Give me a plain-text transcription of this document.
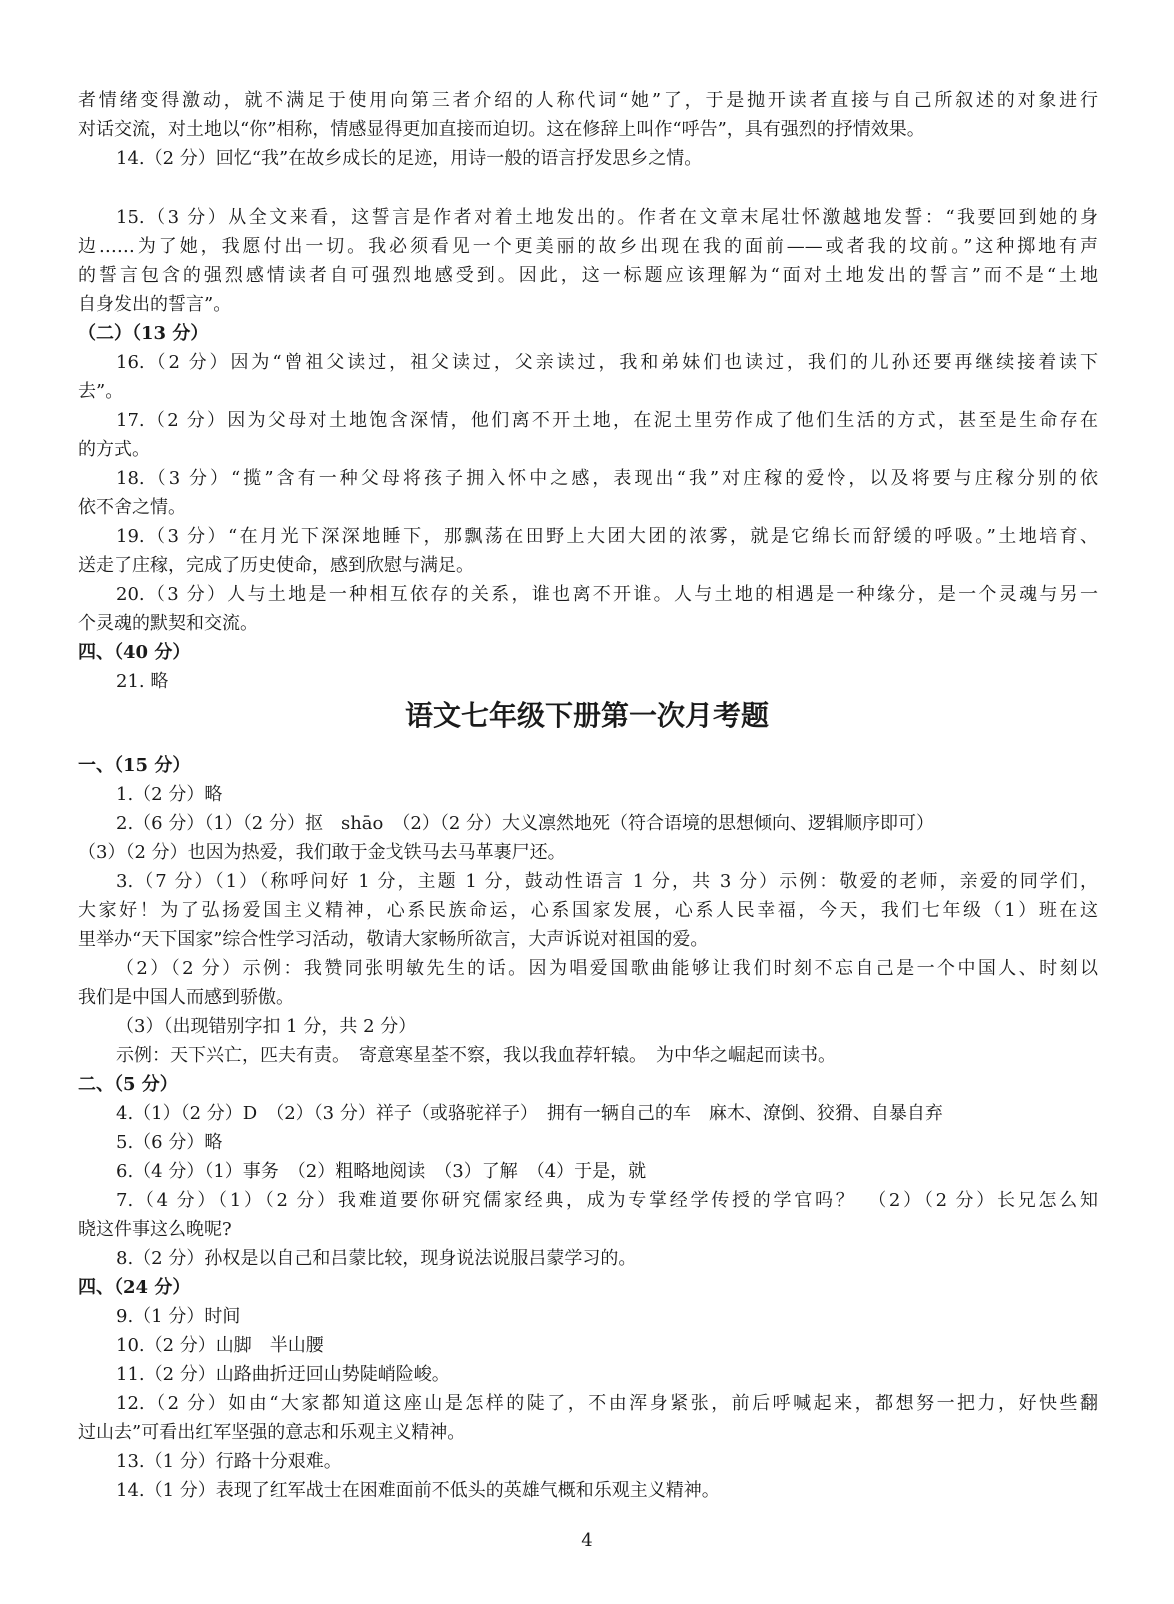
者情绪变得激动，就不满足于使用向第三者介绍的人称代词“她”了，于是抛开读者直接与自己所叙述的对象进行
对话交流，对土地以“你”相称，情感显得更加直接而迫切。这在修辞上叫作“呼告”，具有强烈的抒情效果。
14.（2 分）回忆“我”在故乡成长的足迹，用诗一般的语言抒发思乡之情。
15.（3 分）从全文来看，这誓言是作者对着土地发出的。作者在文章末尾壮怀激越地发誓：“我要回到她的身
边……为了她，我愿付出一切。我必须看见一个更美丽的故乡出现在我的面前——或者我的坟前。”这种掷地有声
的誓言包含的强烈感情读者自可强烈地感受到。因此，这一标题应该理解为“面对土地发出的誓言”而不是“土地
自身发出的誓言”。
（二）（13 分）
16.（2 分）因为“曾祖父读过，祖父读过，父亲读过，我和弟妹们也读过，我们的儿孙还要再继续接着读下
去”。
17.（2 分）因为父母对土地饱含深情，他们离不开土地，在泥土里劳作成了他们生活的方式，甚至是生命存在
的方式。
18.（3 分）“揽”含有一种父母将孩子拥入怀中之感，表现出“我”对庄稼的爱怜，以及将要与庄稼分别的依
依不舍之情。
19.（3 分）“在月光下深深地睡下，那飘荡在田野上大团大团的浓雾，就是它绵长而舒缓的呼吸。”土地培育、
送走了庄稼，完成了历史使命，感到欣慰与满足。
20.（3 分）人与土地是一种相互依存的关系，谁也离不开谁。人与土地的相遇是一种缘分，是一个灵魂与另一
个灵魂的默契和交流。
四、（40 分）
21. 略
语文七年级下册第一次月考题
一、（15 分）
1.（2 分）略
2.（6 分）（1）（2 分）抠　shāo　（2）（2 分）大义凛然地死（符合语境的思想倾向、逻辑顺序即可）
（3）（2 分）也因为热爱，我们敢于金戈铁马去马革裹尸还。
3.（7 分）（1）（称呼问好 1 分，主题 1 分，鼓动性语言 1 分，共 3 分）示例：敬爱的老师，亲爱的同学们，
大家好！为了弘扬爱国主义精神，心系民族命运，心系国家发展，心系人民幸福，今天，我们七年级（1）班在这
里举办“天下国家”综合性学习活动，敬请大家畅所欲言，大声诉说对祖国的爱。
（2）（2 分）示例：我赞同张明敏先生的话。因为唱爱国歌曲能够让我们时刻不忘自己是一个中国人、时刻以
我们是中国人而感到骄傲。
（3）（出现错别字扣 1 分，共 2 分）
示例：天下兴亡，匹夫有责。　寄意寒星荃不察，我以我血荐轩辕。　为中华之崛起而读书。
二、（5 分）
4.（1）（2 分）D　（2）（3 分）祥子（或骆驼祥子）　拥有一辆自己的车　麻木、潦倒、狡猾、自暴自弃
5.（6 分）略
6.（4 分）（1）事务　（2）粗略地阅读　（3）了解　（4）于是，就
7.（4 分）（1）（2 分）我难道要你研究儒家经典，成为专掌经学传授的学官吗？　（2）（2 分）长兄怎么知
晓这件事这么晚呢?
8.（2 分）孙权是以自己和吕蒙比较，现身说法说服吕蒙学习的。
四、（24 分）
9.（1 分）时间
10.（2 分）山脚　半山腰
11.（2 分）山路曲折迂回山势陡峭险峻。
12.（2 分）如由“大家都知道这座山是怎样的陡了，不由浑身紧张，前后呼喊起来，都想努一把力，好快些翻
过山去”可看出红军坚强的意志和乐观主义精神。
13.（1 分）行路十分艰难。
14.（1 分）表现了红军战士在困难面前不低头的英雄气概和乐观主义精神。
4
